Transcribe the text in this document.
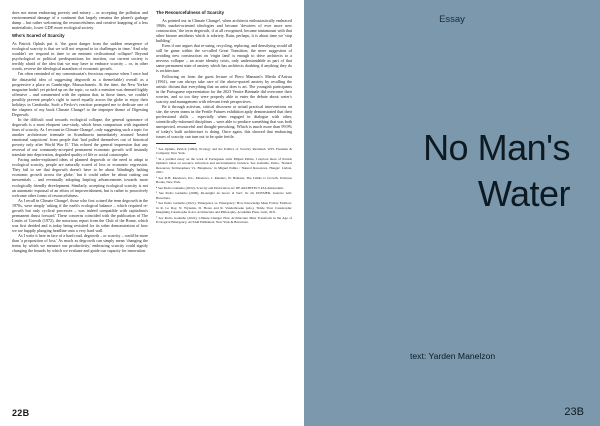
does not mean embracing poverty and misery – or accepting the pollution and environmental damage of a continent that largely remains the planet's garbage dump – but rather welcoming the resourcefulness and creative knapping of a less materialistic, lower GDP, more ecological society.

Who's Scared of Scarcity

As Patrick Ophuls put it, 'the great danger from the sudden emergence of ecological scarcity is that we will not respond to its challenges in time.' And why wouldn't we respond in time to an eminent civilisational collapse? Beyond psychological or political predispositions for inaction, our current society is terribly afraid of the idea that we may have to embrace scarcity – or, in other words, reverse the ideological marathon of economic growth.

I'm often reminded of my commissariat's ferocious response when I once had the distasteful idea of suggesting degrowth as a theme/table) overall as a progressive a place as Cambridge, Massachusetts. At the time, the New Yorker magazine hadn't yet picked up on the topic, so such a mention was deemed highly offensive – and commented with the opinion that, in those times, we couldn't possibly prevent people's right to travel equally across the globe to enjoy their holidays in Cambodia. Such a Pavlov's reaction prompted me to dedicate one of the chapters of my book Climate Change! to the improper theme of Digesting Degrowth.

In the difficult road towards ecological collapse, the general ignorance of degrowth is a most eloquent case-study, which bears comparison with ingrained fears of scarcity. As I recount in Climate Change!, only suggesting such a topic for another architecture triennale in Scandinavia immediately aroused 'heated emotional suspicions' from people that 'had pulled themselves out of historical poverty only after World War II.' This echoed the general impression that any reversal of our commonly-accepted permanent economic growth will instantly translate into deprivation, degraded quality of life or social catastrophe.

Facing under-explained ideas of planned degrowth or the need to adapt to ecological scarcity, people are naturally scared of loss or economic regression. They fail to see that degrowth doesn't have to be about 'blindingly halting economic growth across the globe,' but it could rather be about cutting out inessentials – and eventually adopting leapfrog advancements towards more ecologically friendly development. Similarly, accepting ecological scarcity is not an automatic espousal of an ethics of impoverishment, but is rather to proactively welcome other forms of resourcefulness.

As I recall in Climate Change!, those who first coined the term degrowth in the 1970s, were simply 'asking if the earth's ecological balance – which required re-growth but only cyclical processes – was indeed compatible with capitalism's permanent thrust forward.' These concerns coincided with the publication of The Limits of Growth (1972), the notorious report from the Club of the Rome, which was first derided and is today being revisited for its sober demonstration of how we are happily plunging headline onto a very hard wall.

As I write it here in face of a hard road, degrowth – or scarcity – could be more than 'a proposition of loss.' As much as degrowth can simply mean 'changing the terms by which we measure our productivity,' embracing scarcity could signify changing the bounds by which we evaluate and guide our capacity for innovation.

The Resourcefulness of Scarcity

As pointed out in Climate Change!, when architects enthusiastically embraced 1960s market-oriented ideologies and became 'devotees of ever more new construction,' the term degrowth, if at all recognised, became tantamount with that other bizarre antithesis which is sobriety. Ruin, perhaps, it is about time we 'stop building.'

Even if one argues that re-using, recycling, replacing, and densifying would all still be game within the so-called Great Transition, the mere suggestion of avoiding new construction on 'virgin land' is enough to drive architects to a nervous collapse – an acute identity crisis, only understandable as part of that same permanent state of anxiety which has architects doubting if anything they do is architecture.

Following on from the guest lecture of Piero Manzoni's Merda d'Artista (1961), one can always take care of the above-quoted anxiety by recalling the artistic dictum that everything that an artist does is art. The youngish participants in the Portuguese representation for the 2023 Venice Biennale did overcome their worries, and so too they were properly able to enter the debate about water's scarcity and management with relevant fresh perspectives.

Be it through activism, critical discourse or actual practical interventions on site, the seven teams in the Fertile Futures exhibition aptly demonstrated that their professional skills – especially when engaged in dialogue with other, scientifically-informed disciplines – were able to produce something that was both unexpected, resourceful and thought-provoking. Which is much more than 99.9% of today's built architecture is doing. Once again, this showed that embracing issues of scarcity can turn out to be quite fertile.

¹ See Ophuls, Patrick (1992). Ecology and the Politics of Scarcity Revisited. W.H. Freeman & Company: New York.

² In a parallel essay on the work of Portuguese artist Miguel Palma, I explore more of Patrick Ophuls's ideas on resource extraction and environmental violence. See Gadanho, Pedro, 'Natural Resources Technosphere Vs. Biosphere,' in Miguel Palma / Natural Resources, Hangar: Lisbon, 2021.

³ See D.H. Meadows, D.L. Meadows, J. Randers, W. Behrens, The Limits to Growth. Universe Books, New York.

⁴ See Pedro Gadanho (2022), Scarcity and Dislocation, in: DE ARCHITECT #3A Amsterdam.

⁵ See Pedro Gadanho (2006), Ri-sunghó de nuovo al Sur?, in: 2G DOSSIER, Gustavo Gili: Barcelona.

⁶ See Pedro Gadanho (2021), 'Emergence vs. Emergency: How Knowledge Must Follow Fashion,' in R. Le Roy, N. Wynants, D. Hores and R. Vanderbroeke (eds.), Tickle Your Catastrophe: Imagining Catastrophe in Art, Architecture and Philosophy, Academia Press, Gent, 2011.

⁷ See Pedro Gadanho (2022), Climate Change! How Architecture Must Transform in the Age of Ecological Emergency, ACTAR Publishers: New York & Barcelona.

22B
Essay
No Man's
Water
text: Yarden Manelzon
23B
